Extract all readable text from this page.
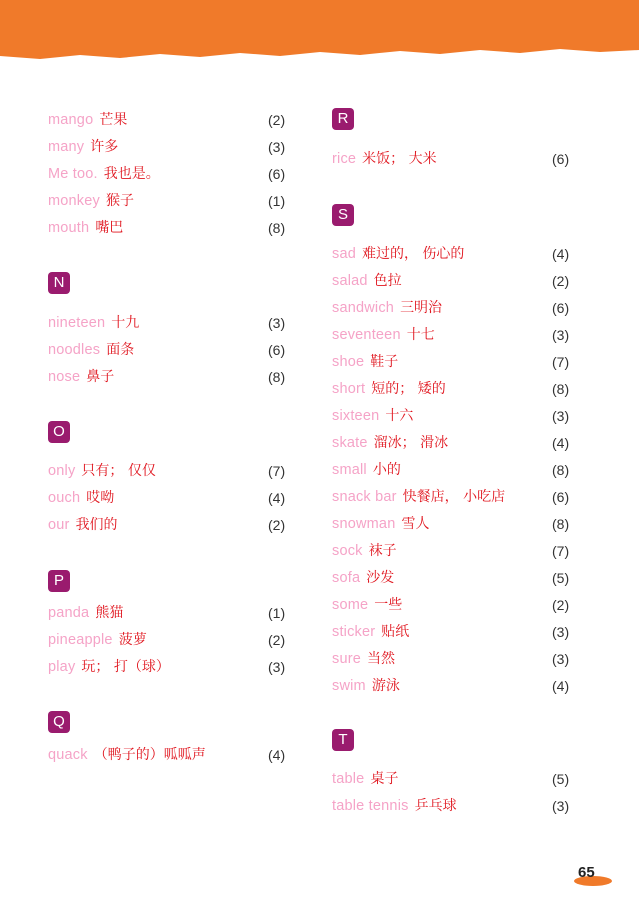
mango 芒果	(2)
many 许多	(3)
Me too. 我也是。	(6)
monkey 猴子	(1)
mouth 嘴巴	(8)
N
nineteen 十九	(3)
noodles 面条	(6)
nose 鼻子	(8)
O
only 只有； 仅仅	(7)
ouch 哎呦	(4)
our 我们的	(2)
P
panda 熊猫	(1)
pineapple 菠萝	(2)
play 玩； 打（球）	(3)
Q
quack （鸭子的）呱呱声	(4)
R
rice 米饭； 大米	(6)
S
sad 难过的， 伤心的	(4)
salad 色拉	(2)
sandwich 三明治	(6)
seventeen 十七	(3)
shoe 鞋子	(7)
short 短的； 矮的	(8)
sixteen 十六	(3)
skate 溜冰； 滑冰	(4)
small 小的	(8)
snack bar 快餐店， 小吃店	(6)
snowman 雪人	(8)
sock 袜子	(7)
sofa 沙发	(5)
some 一些	(2)
sticker 贴纸	(3)
sure 当然	(3)
swim 游泳	(4)
T
table 桌子	(5)
table tennis 乒乓球	(3)
65
